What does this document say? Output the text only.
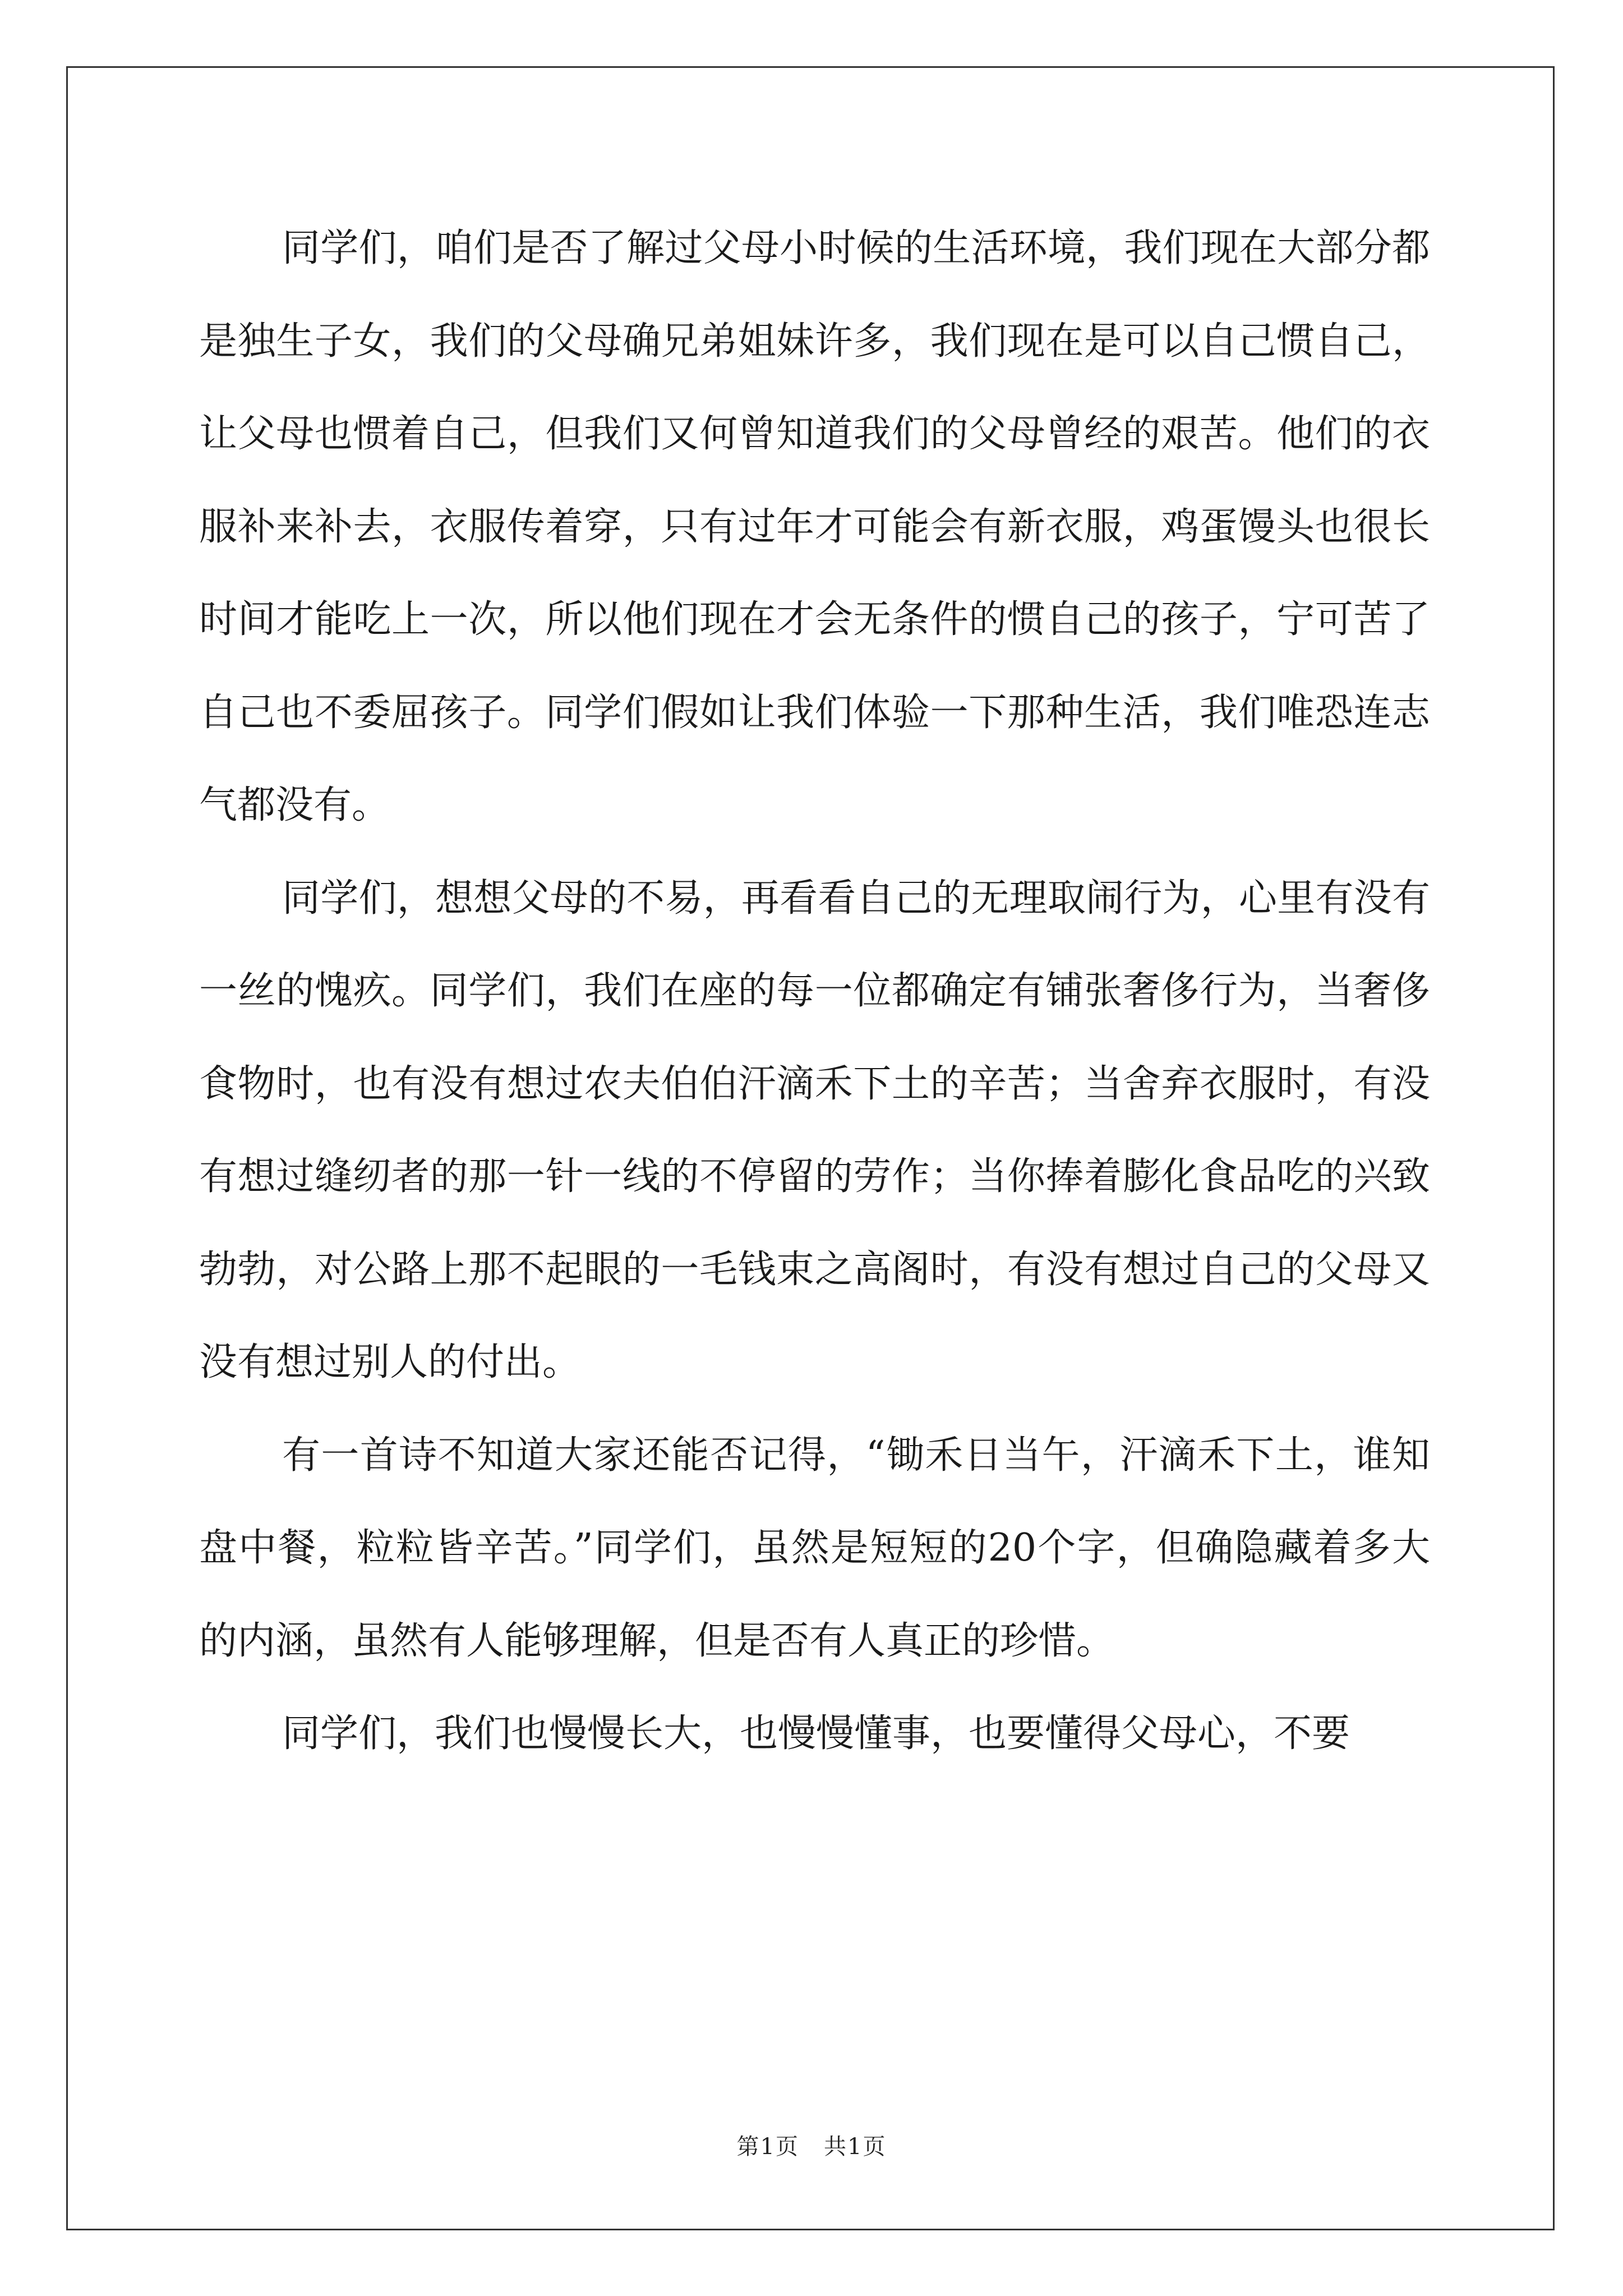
同学们，咱们是否了解过父母小时候的生活环境，我们现在大部分都是独生子女，我们的父母确兄弟姐妹许多，我们现在是可以自己惯自己，让父母也惯着自己，但我们又何曾知道我们的父母曾经的艰苦。他们的衣服补来补去，衣服传着穿，只有过年才可能会有新衣服，鸡蛋馒头也很长时间才能吃上一次，所以他们现在才会无条件的惯自己的孩子，宁可苦了自己也不委屈孩子。同学们假如让我们体验一下那种生活，我们唯恐连志气都没有。

同学们，想想父母的不易，再看看自己的无理取闹行为，心里有没有一丝的愧疚。同学们，我们在座的每一位都确定有铺张奢侈行为，当奢侈食物时，也有没有想过农夫伯伯汗滴禾下土的辛苦；当舍弃衣服时，有没有想过缝纫者的那一针一线的不停留的劳作；当你捧着膨化食品吃的兴致勃勃，对公路上那不起眼的一毛钱束之高阁时，有没有想过自己的父母又没有想过别人的付出。

有一首诗不知道大家还能否记得，“锄禾日当午，汗滴禾下土，谁知盘中餐，粒粒皆辛苦。”同学们，虽然是短短的20个字，但确隐藏着多大的内涵，虽然有人能够理解，但是否有人真正的珍惜。

同学们，我们也慢慢长大，也慢慢懂事，也要懂得父母心，不要

第1页 共1页
